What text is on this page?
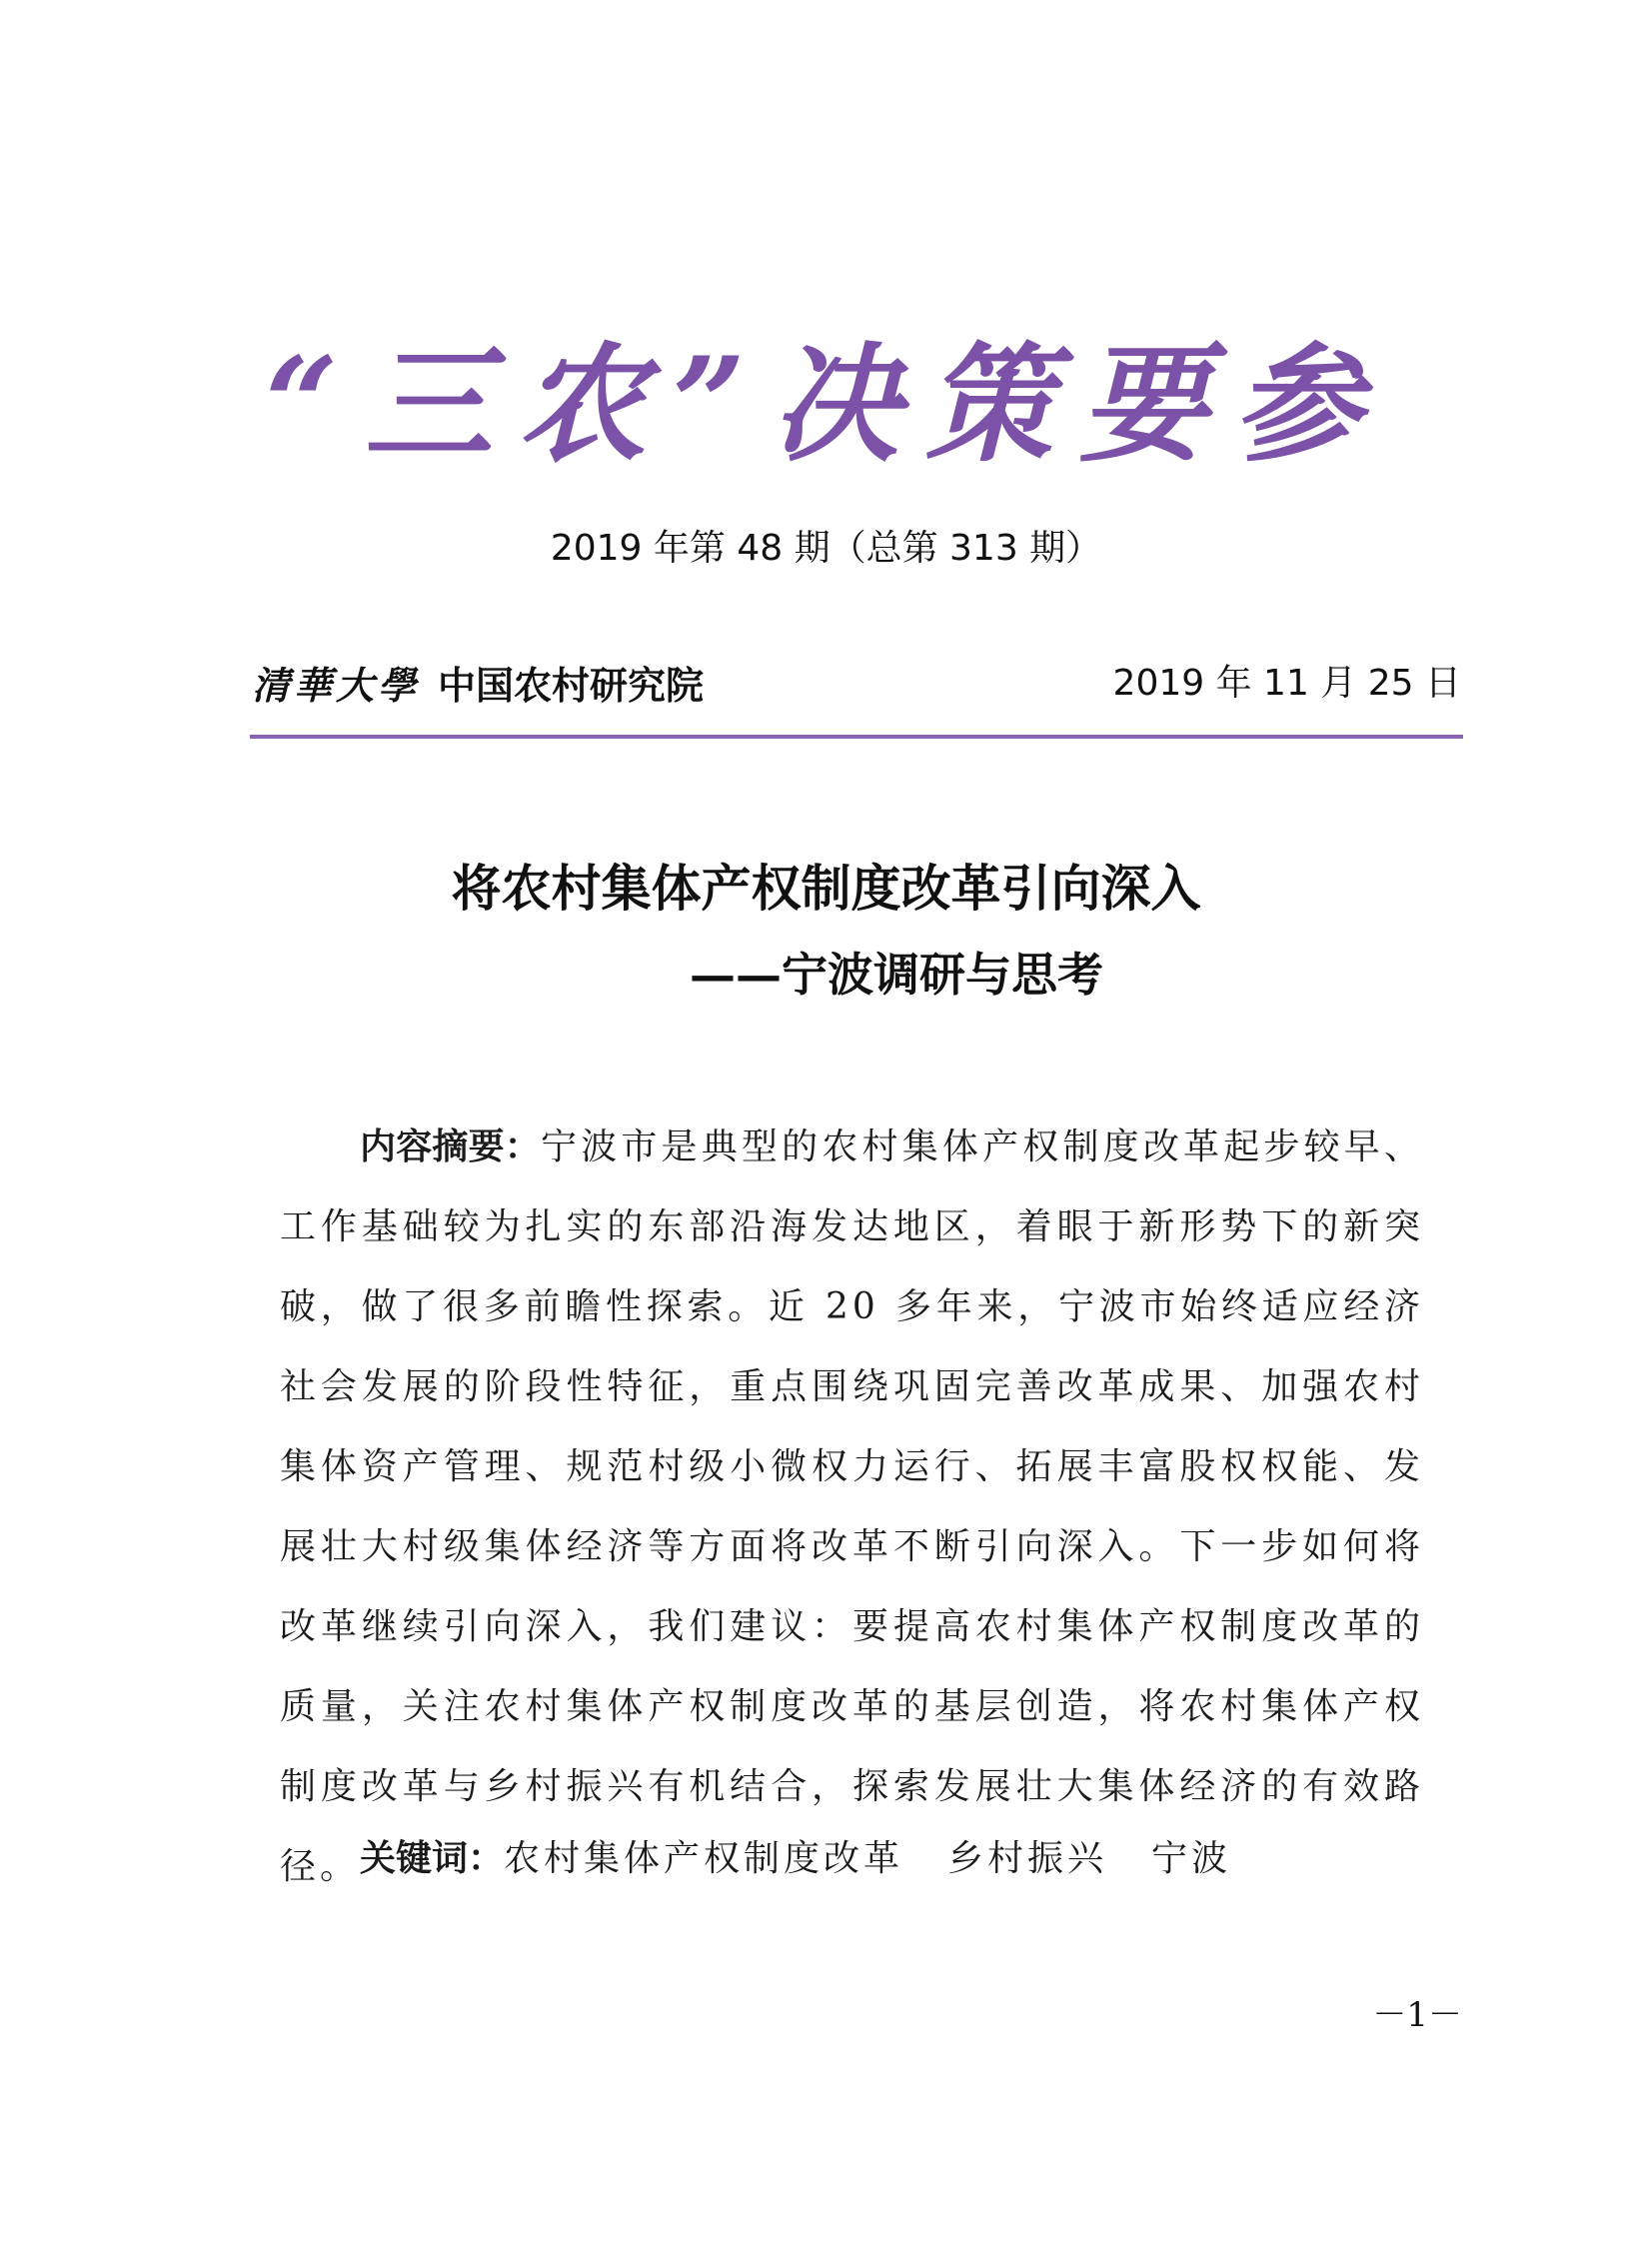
“三农”决策要参
2019 年第 48 期（总第 313 期）
清華大學 中国农村研究院	2019 年 11 月 25 日
将农村集体产权制度改革引向深入
——宁波调研与思考

内容摘要：宁波市是典型的农村集体产权制度改革起步较早、工作基础较为扎实的东部沿海发达地区，着眼于新形势下的新突破，做了很多前瞻性探索。近 20 多年来，宁波市始终适应经济社会发展的阶段性特征，重点围绕巩固完善改革成果、加强农村集体资产管理、规范村级小微权力运行、拓展丰富股权权能、发展壮大村级集体经济等方面将改革不断引向深入。下一步如何将改革继续引向深入，我们建议：要提高农村集体产权制度改革的质量，关注农村集体产权制度改革的基层创造，将农村集体产权制度改革与乡村振兴有机结合，探索发展壮大集体经济的有效路径。 关键词：农村集体产权制度改革 乡村振兴 宁波
－1－
